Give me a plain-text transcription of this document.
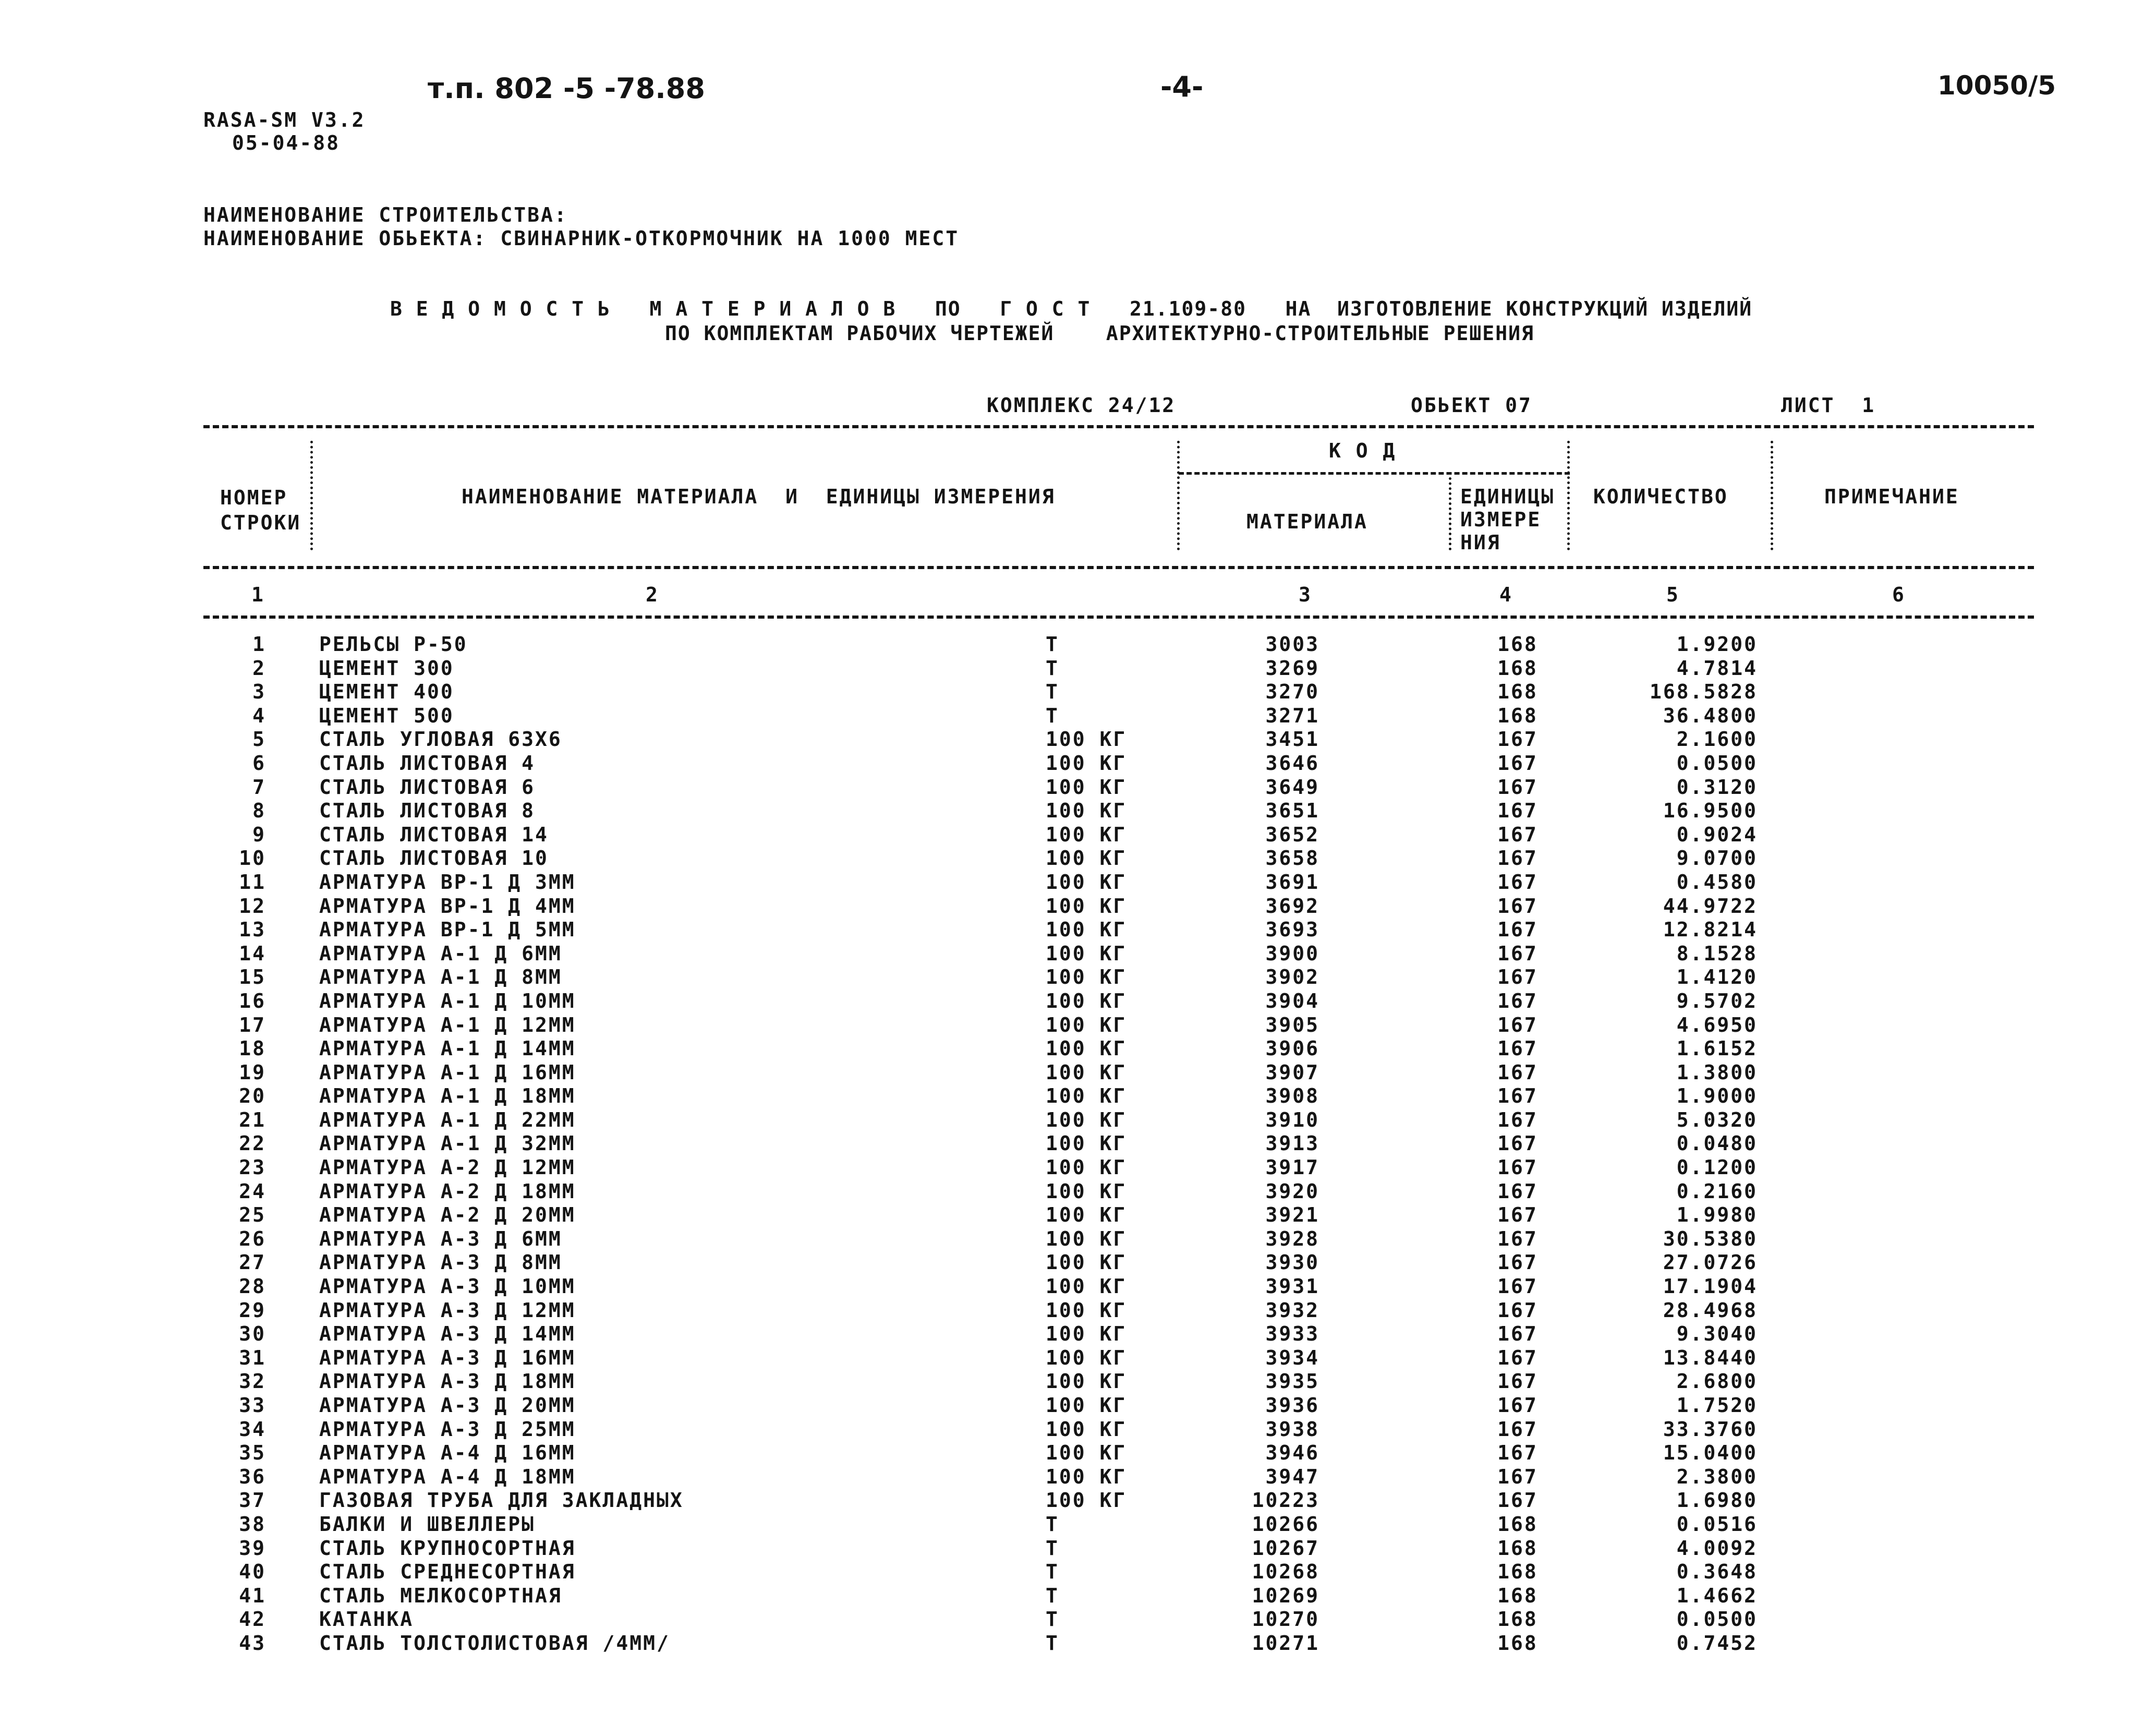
т.п. 802 -5 -78.88	-4-	10050/5
RASA-SM V3.2
05-04-88
НАИМЕНОВАНИЕ СТРОИТЕЛЬСТВА:
НАИМЕНОВАНИЕ ОБЬЕКТА: СВИНАРНИК-ОТКОРМОЧНИК НА 1000 МЕСТ
В Е Д О М О С Т Ь   М А Т Е Р И А Л О В   ПО   Г О С Т   21.109-80   НА  ИЗГОТОВЛЕНИЕ КОНСТРУКЦИЙ ИЗДЕЛИЙ
ПО КОМПЛЕКТАМ РАБОЧИХ ЧЕРТЕЖЕЙ    АРХИТЕКТУРНО-СТРОИТЕЛЬНЫЕ РЕШЕНИЯ
КОМПЛЕКС 24/12	ОБЬЕКТ 07	ЛИСТ  1
НОМЕР
СТРОКИ
НАИМЕНОВАНИЕ МАТЕРИАЛА  И  ЕДИНИЦЫ ИЗМЕРЕНИЯ
К О Д
МАТЕРИАЛА
ЕДИНИЦЫ
ИЗМЕРЕ
НИЯ
КОЛИЧЕСТВО	ПРИМЕЧАНИЕ
1	2	3	4	5	6
1	РЕЛЬСЫ Р-50	Т	3003	168	1.9200
2	ЦЕМЕНТ 300	Т	3269	168	4.7814
3	ЦЕМЕНТ 400	Т	3270	168	168.5828
4	ЦЕМЕНТ 500	Т	3271	168	36.4800
5	СТАЛЬ УГЛОВАЯ 63Х6	100 КГ	3451	167	2.1600
6	СТАЛЬ ЛИСТОВАЯ 4	100 КГ	3646	167	0.0500
7	СТАЛЬ ЛИСТОВАЯ 6	100 КГ	3649	167	0.3120
8	СТАЛЬ ЛИСТОВАЯ 8	100 КГ	3651	167	16.9500
9	СТАЛЬ ЛИСТОВАЯ 14	100 КГ	3652	167	0.9024
10	СТАЛЬ ЛИСТОВАЯ 10	100 КГ	3658	167	9.0700
11	АРМАТУРА ВР-1 Д 3ММ	100 КГ	3691	167	0.4580
12	АРМАТУРА ВР-1 Д 4ММ	100 КГ	3692	167	44.9722
13	АРМАТУРА ВР-1 Д 5ММ	100 КГ	3693	167	12.8214
14	АРМАТУРА А-1 Д 6ММ	100 КГ	3900	167	8.1528
15	АРМАТУРА А-1 Д 8ММ	100 КГ	3902	167	1.4120
16	АРМАТУРА А-1 Д 10ММ	100 КГ	3904	167	9.5702
17	АРМАТУРА А-1 Д 12ММ	100 КГ	3905	167	4.6950
18	АРМАТУРА А-1 Д 14ММ	100 КГ	3906	167	1.6152
19	АРМАТУРА А-1 Д 16ММ	100 КГ	3907	167	1.3800
20	АРМАТУРА А-1 Д 18ММ	100 КГ	3908	167	1.9000
21	АРМАТУРА А-1 Д 22ММ	100 КГ	3910	167	5.0320
22	АРМАТУРА А-1 Д 32ММ	100 КГ	3913	167	0.0480
23	АРМАТУРА А-2 Д 12ММ	100 КГ	3917	167	0.1200
24	АРМАТУРА А-2 Д 18ММ	100 КГ	3920	167	0.2160
25	АРМАТУРА А-2 Д 20ММ	100 КГ	3921	167	1.9980
26	АРМАТУРА А-3 Д 6ММ	100 КГ	3928	167	30.5380
27	АРМАТУРА А-3 Д 8ММ	100 КГ	3930	167	27.0726
28	АРМАТУРА А-3 Д 10ММ	100 КГ	3931	167	17.1904
29	АРМАТУРА А-3 Д 12ММ	100 КГ	3932	167	28.4968
30	АРМАТУРА А-3 Д 14ММ	100 КГ	3933	167	9.3040
31	АРМАТУРА А-3 Д 16ММ	100 КГ	3934	167	13.8440
32	АРМАТУРА А-3 Д 18ММ	100 КГ	3935	167	2.6800
33	АРМАТУРА А-3 Д 20ММ	100 КГ	3936	167	1.7520
34	АРМАТУРА А-3 Д 25ММ	100 КГ	3938	167	33.3760
35	АРМАТУРА А-4 Д 16ММ	100 КГ	3946	167	15.0400
36	АРМАТУРА А-4 Д 18ММ	100 КГ	3947	167	2.3800
37	ГАЗОВАЯ ТРУБА ДЛЯ ЗАКЛАДНЫХ	100 КГ	10223	167	1.6980
38	БАЛКИ И ШВЕЛЛЕРЫ	Т	10266	168	0.0516
39	СТАЛЬ КРУПНОСОРТНАЯ	Т	10267	168	4.0092
40	СТАЛЬ СРЕДНЕСОРТНАЯ	Т	10268	168	0.3648
41	СТАЛЬ МЕЛКОСОРТНАЯ	Т	10269	168	1.4662
42	КАТАНКА	Т	10270	168	0.0500
43	СТАЛЬ ТОЛСТОЛИСТОВАЯ /4ММ/	Т	10271	168	0.7452
